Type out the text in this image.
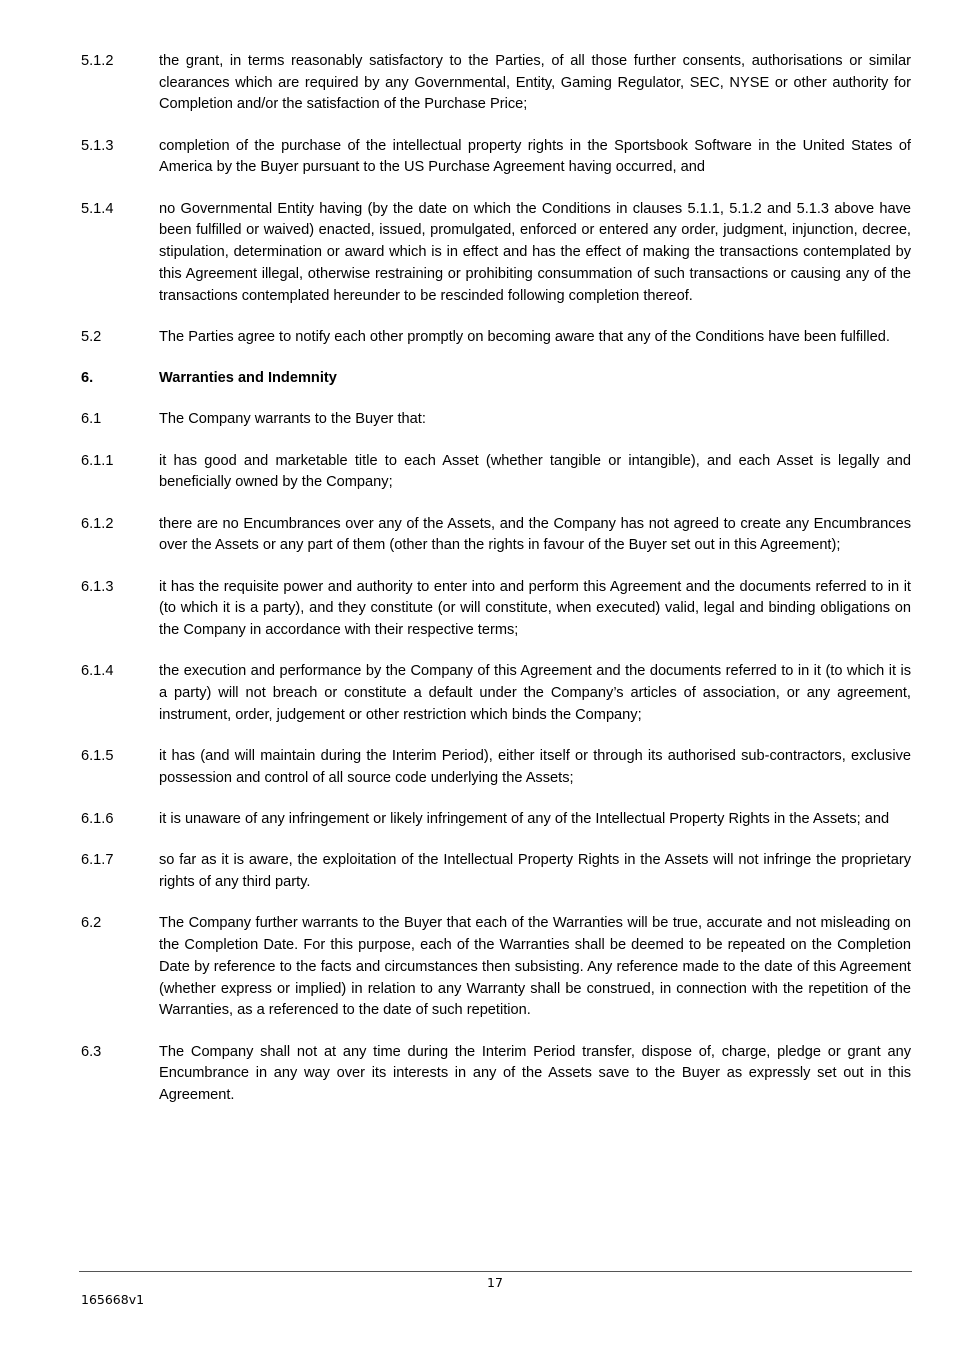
5.1.2	the grant, in terms reasonably satisfactory to the Parties, of all those further consents, authorisations or similar clearances which are required by any Governmental, Entity, Gaming Regulator, SEC, NYSE or other authority for Completion and/or the satisfaction of the Purchase Price;
5.1.3	completion of the purchase of the intellectual property rights in the Sportsbook Software in the United States of America by the Buyer pursuant to the US Purchase Agreement having occurred, and
5.1.4	no Governmental Entity having (by the date on which the Conditions in clauses 5.1.1, 5.1.2 and 5.1.3 above have been fulfilled or waived) enacted, issued, promulgated, enforced or entered any order, judgment, injunction, decree, stipulation, determination or award which is in effect and has the effect of making the transactions contemplated by this Agreement illegal, otherwise restraining or prohibiting consummation of such transactions or causing any of the transactions contemplated hereunder to be rescinded following completion thereof.
5.2	The Parties agree to notify each other promptly on becoming aware that any of the Conditions have been fulfilled.
6.	Warranties and Indemnity
6.1	The Company warrants to the Buyer that:
6.1.1	it has good and marketable title to each Asset (whether tangible or intangible), and each Asset is legally and beneficially owned by the Company;
6.1.2	there are no Encumbrances over any of the Assets, and the Company has not agreed to create any Encumbrances over the Assets or any part of them (other than the rights in favour of the Buyer set out in this Agreement);
6.1.3	it has the requisite power and authority to enter into and perform this Agreement and the documents referred to in it (to which it is a party), and they constitute (or will constitute, when executed) valid, legal and binding obligations on the Company in accordance with their respective terms;
6.1.4	the execution and performance by the Company of this Agreement and the documents referred to in it (to which it is a party) will not breach or constitute a default under the Company’s articles of association, or any agreement, instrument, order, judgement or other restriction which binds the Company;
6.1.5	it has (and will maintain during the Interim Period), either itself or through its authorised sub-contractors, exclusive possession and control of all source code underlying the Assets;
6.1.6	it is unaware of any infringement or likely infringement of any of the Intellectual Property Rights in the Assets; and
6.1.7	so far as it is aware, the exploitation of the Intellectual Property Rights in the Assets will not infringe the proprietary rights of any third party.
6.2	The Company further warrants to the Buyer that each of the Warranties will be true, accurate and not misleading on the Completion Date. For this purpose, each of the Warranties shall be deemed to be repeated on the Completion Date by reference to the facts and circumstances then subsisting. Any reference made to the date of this Agreement (whether express or implied) in relation to any Warranty shall be construed, in connection with the repetition of the Warranties, as a referenced to the date of such repetition.
6.3	The Company shall not at any time during the Interim Period transfer, dispose of, charge, pledge or grant any Encumbrance in any way over its interests in any of the Assets save to the Buyer as expressly set out in this Agreement.
17
165668v1
